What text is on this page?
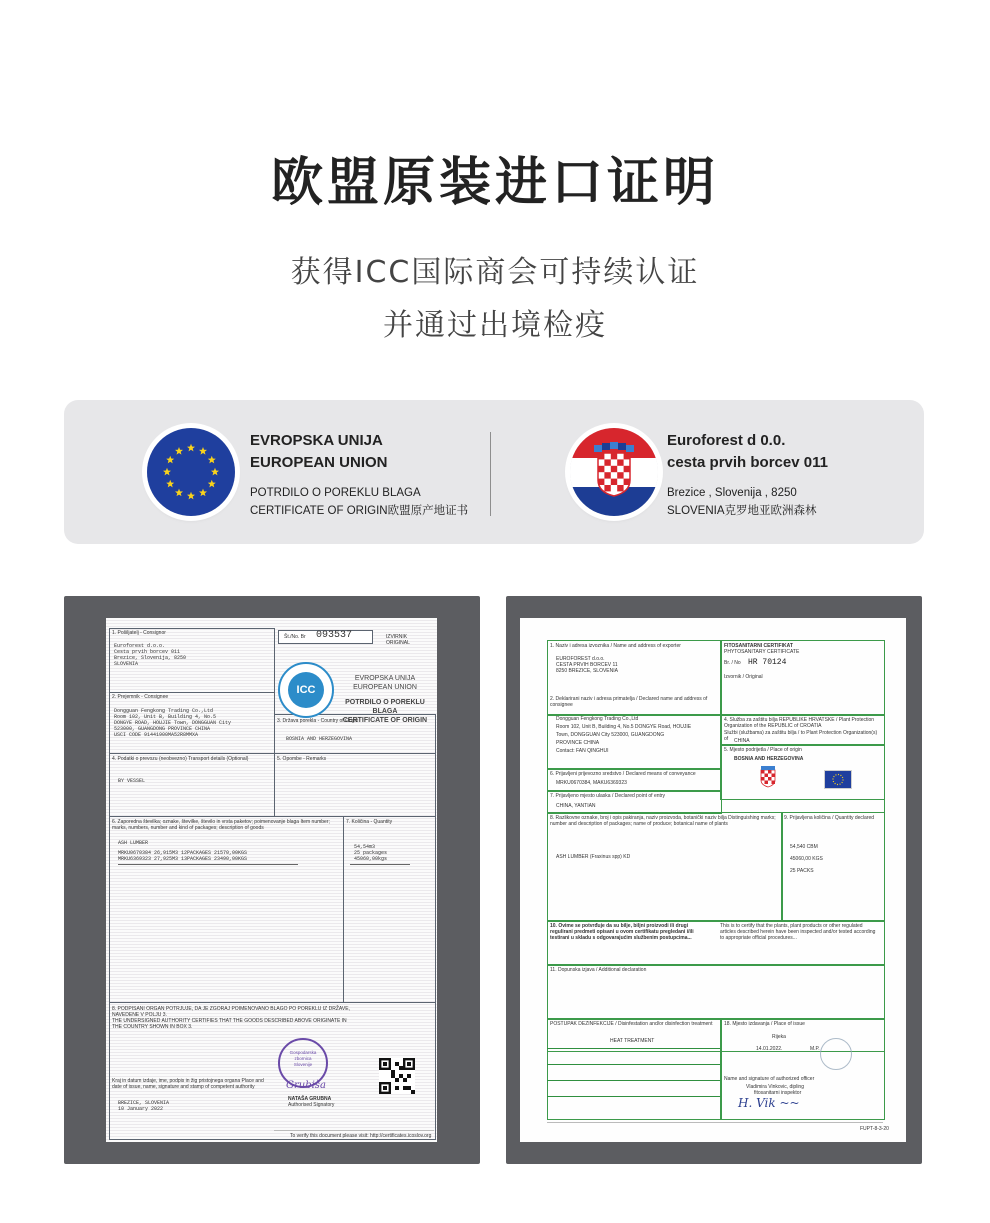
欧盟原装进口证明
获得ICC国际商会可持续认证
并通过出境检疫
EVROPSKA UNIJA
EUROPEAN UNION
POTRDILO O POREKLU BLAGA
CERTIFICATE OF ORIGIN欧盟原产地证书
Euroforest d 0.0.
cesta prvih borcev 011
Brezice , Slovenija , 8250
SLOVENIA克罗地亚欧洲森林
1. Pošiljatelj - Consignor
Euroforest d.o.o.
Cesta prvih borcev 011
Brezice, Slovenija, 8250
SLOVENIA
Št./No. Br 093537	IZVIRNIK ORIGINAL
ICC
EVROPSKA UNIJA
EUROPEAN UNION
POTRDILO O POREKLU BLAGA
CERTIFICATE OF ORIGIN
2. Prejemnik - Consignee
Dongguan Fengkong Trading Co.,Ltd
Room 102, Unit B, Building 4, No.5
DONGYE ROAD, HOUJIE Town, DONGGUAN City
523000, GUANGDONG PROVINCE CHINA
USCI CODE 91441900MA52R8MMXA
3. Država porekla - Country of Origin
BOSNIA AND HERZEGOVINA
4. Podatki o prevozu (neobvezno) Transport details (Optional)
BY VESSEL
5. Opombe - Remarks
6. Zaporedna številka; oznake, številke, število in vrsta paketov; poimenovanje blaga Item number; marks, numbers, number and kind of packages; description of goods
7. Količina - Quantity
ASH LUMBER
MRKU0670384 26,915M3 12PACKAGES 21570,00KGS
MRKU6369323 27,925M3 13PACKAGES 23490,00KGS
54,54m3
25 packages
45060,00kgs
8. PODPISANI ORGAN POTRJUJE, DA JE ZGORAJ POIMENOVANO BLAGO PO POREKLU IZ DRŽAVE,
NAVEDENE V POLJU 3.
THE UNDERSIGNED AUTHORITY CERTIFIES THAT THE GOODS DESCRIBED ABOVE ORIGINATE IN
THE COUNTRY SHOWN IN BOX 3.
Gospodarska zbornica Slovenije
Grubiša
NATAŠA GRUBNA
Authorised Signatory
Kraj in datum izdaje, ime, podpis in žig pristojnega organa Place and date of issue, name, signature and stamp of competent authority
BREZICE, SLOVENIA
10 January 2022
To verify this document please visit: http://certificates.icoslov.org
1. Naziv i adresa izvoznika / Name and address of exporter
EUROFOREST d.o.o.
CESTA PRVIH BORCEV 11
8250 BREZICE, SLOVENIA
FITOSANITARNI CERTIFIKAT
PHYTOSANITARY CERTIFICATE
Br. / No HR 70124
Izvornik / Original
2. Deklarirani naziv i adresa primatelja / Declared name and address of consignee
Dongguan Fengkong Trading Co.,Ltd
Room 102, Unit B, Building 4, No.5 DONGYE Road, HOUJIE
Town, DONGGUAN City 523000, GUANGDONG
PROVINCE CHINA
Contact: FAN QINGHUI
4. Služba za zaštitu bilja REPUBLIKE HRVATSKE / Plant Protection Organization of the REPUBLIC of CROATIA
Službi (službama) za zaštitu bilja / to Plant Protection Organization(s) of	CHINA
5. Mjesto podrijetla / Place of origin
BOSNIA AND HERZEGOVINA
6. Prijavljeni prijevozno sredstvo / Declared means of conveyance
MRKU0670384, MAKU6369323
7. Prijavljeno mjesto ulaska / Declared point of entry
CHINA, YANTIAN
8. Razlikovne oznake, broj i opis pakiranja, naziv proizvoda, botanički naziv bilja Distinguishing marks; number and description of packages; name of produce; botanical name of plants
ASH LUMBER (Fraxinus spp) KD
9. Prijavljena količina / Quantity declared
54,540 CBM
45060,00 KGS
25 PACKS
10. Ovime se potvrđuje da su bilje, biljni proizvodi ili drugi regulirani predmeti opisani u ovom certifikatu pregledani i/ili testirani u skladu s odgovarajućim službenim postupcima...
This is to certify that the plants, plant products or other regulated articles described herein have been inspected and/or tested according to appropriate official procedures...
11. Dopunska izjava / Additional declaration
POSTUPAK DEZINFEKCIJE / Disinfestation and/or disinfection treatment
HEAT TREATMENT
18. Mjesto izdavanja / Place of issue
Rijeka
14.01.2022.	M.P.
Name and signature of authorized officer
Vladimira Vinkovic, dipling
fitosanitarni inspektor
H. Vik ~~
FUPT-8-3-20
